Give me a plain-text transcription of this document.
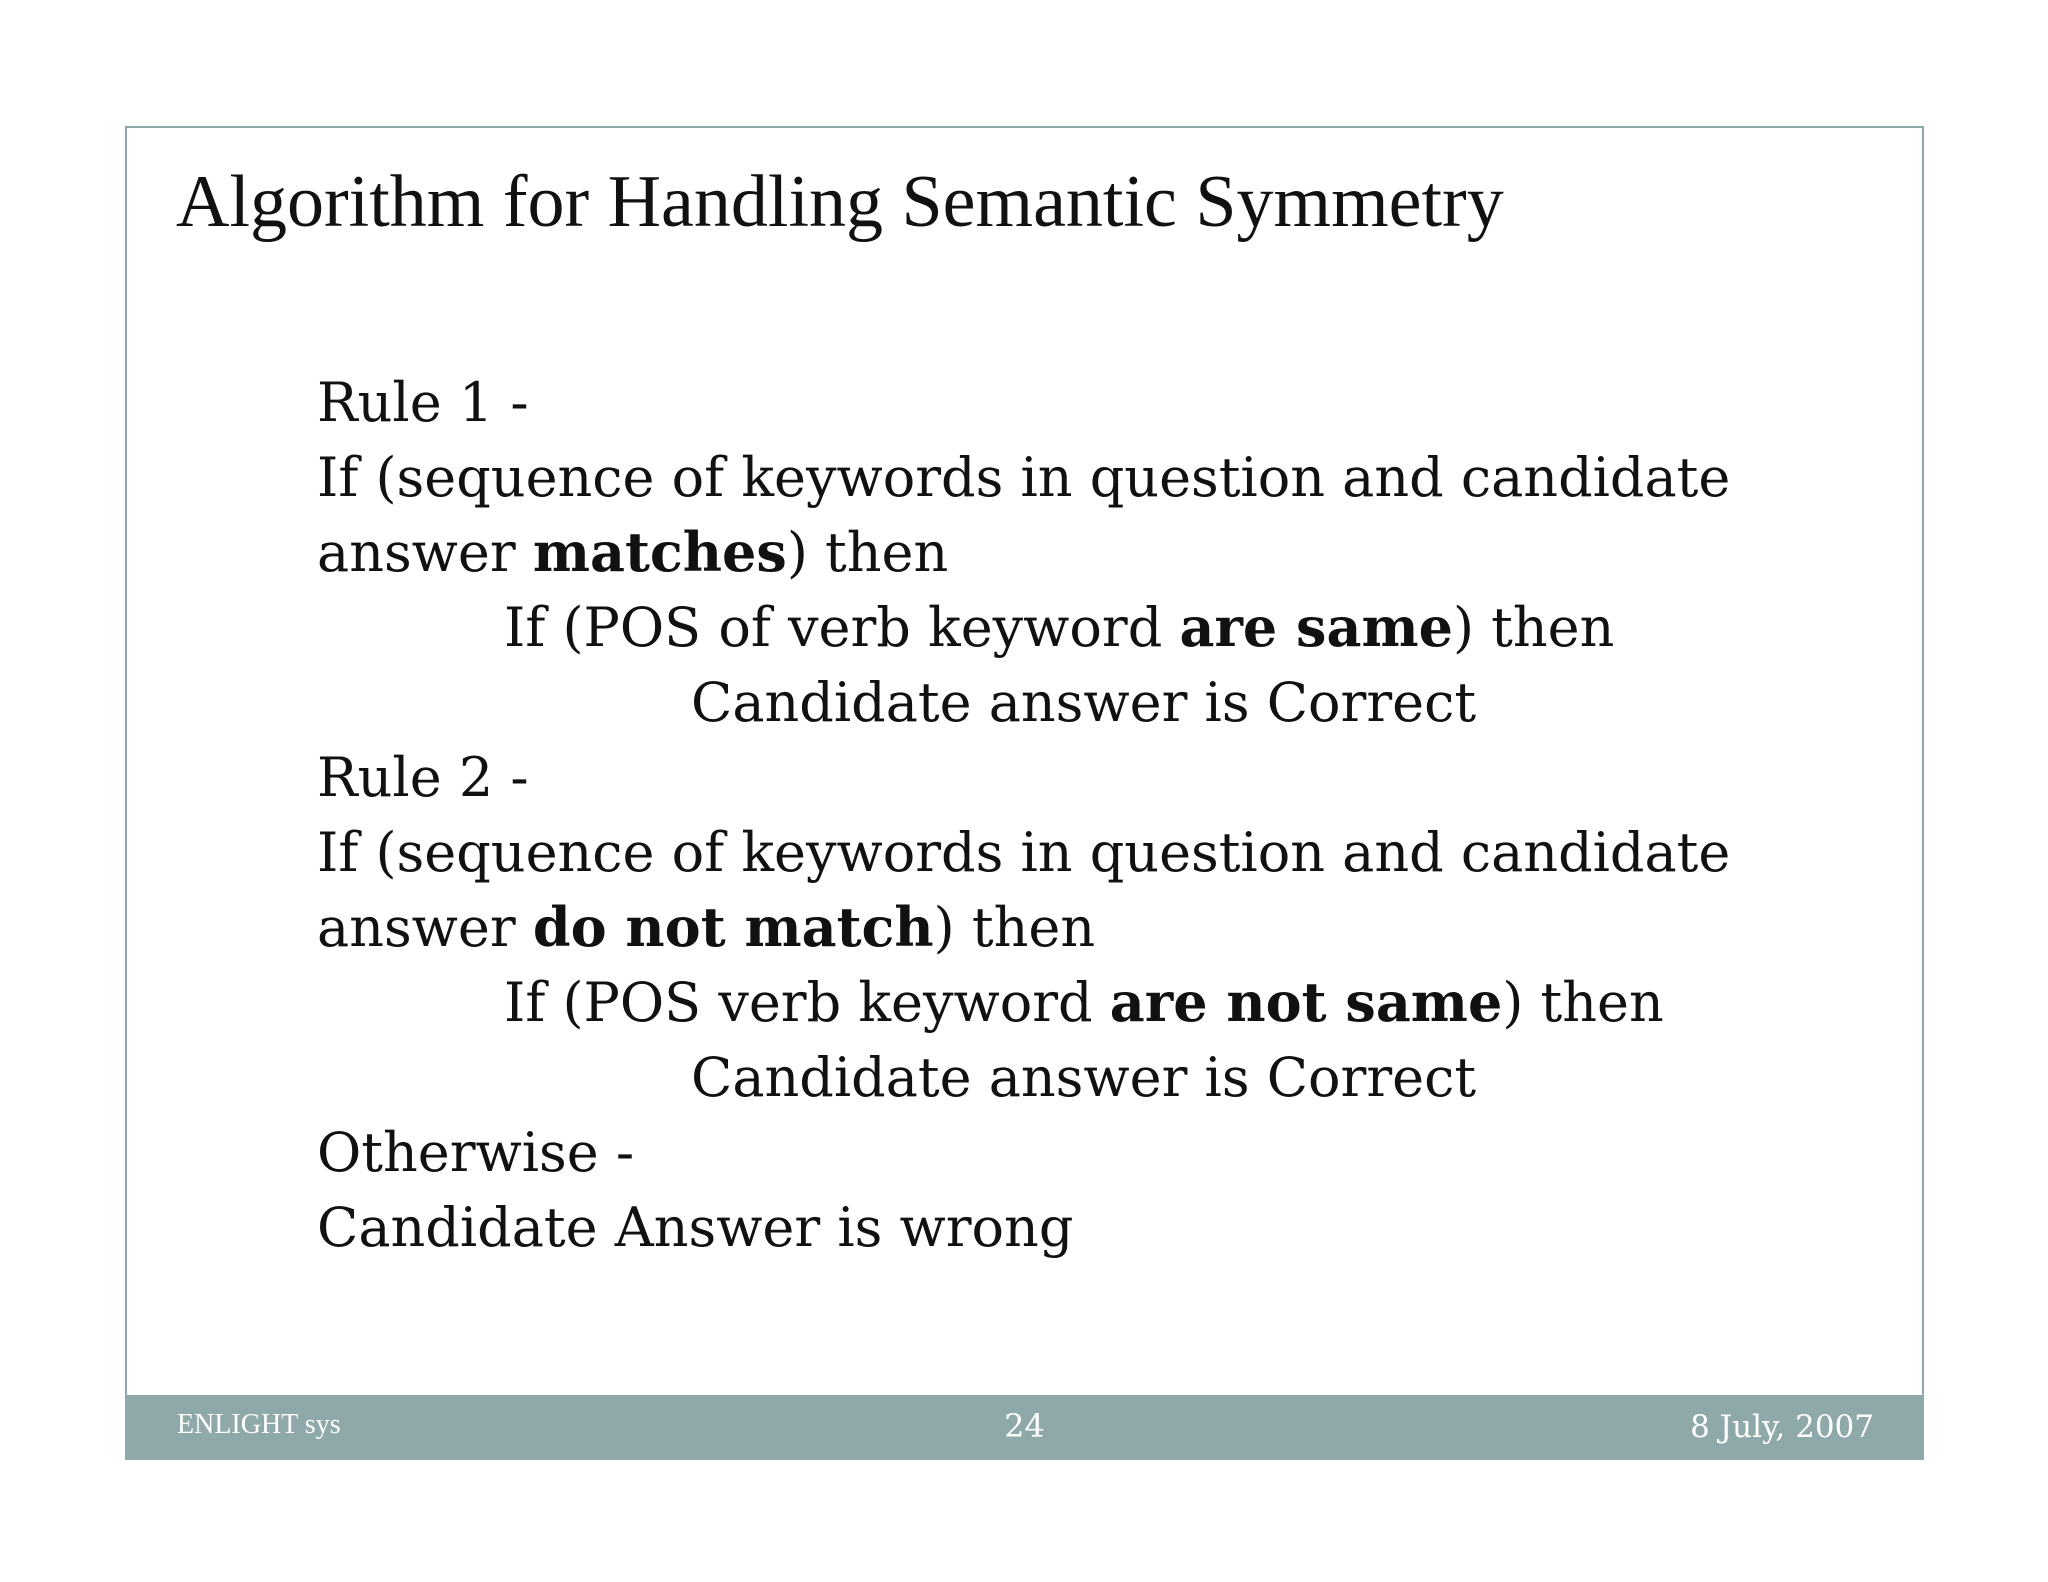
Algorithm for Handling Semantic Symmetry
Rule 1 -
If (sequence of keywords in question and candidate
answer matches) then
If (POS of verb keyword are same) then
Candidate answer is Correct
Rule 2 -
If (sequence of keywords in question and candidate
answer do not match) then
If (POS verb keyword are not same) then
Candidate answer is Correct
Otherwise -
Candidate Answer is wrong
ENLIGHT sys	24	8 July, 2007
